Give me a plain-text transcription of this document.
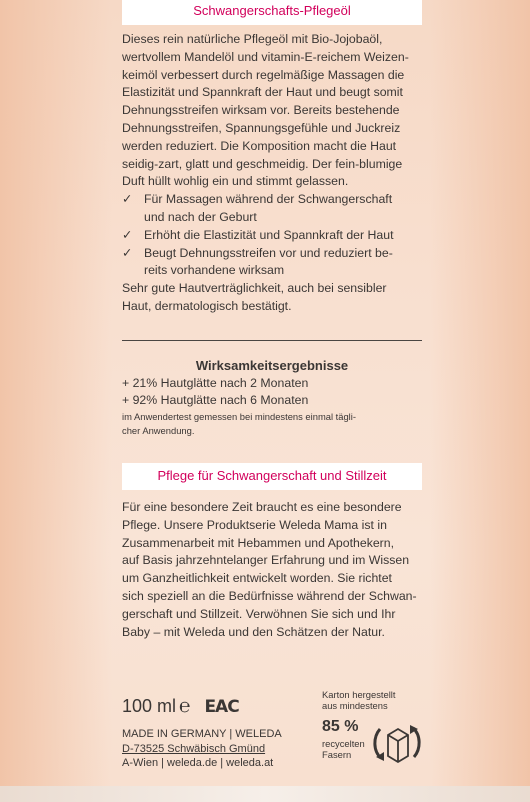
Schwangerschafts-Pflegeöl
Dieses rein natürliche Pflegeöl mit Bio-Jojobaöl,
wertvollem Mandelöl und vitamin-E-reichem Weizen-
keimöl verbessert durch regelmäßige Massagen die
Elastizität und Spannkraft der Haut und beugt somit
Dehnungsstreifen wirksam vor. Bereits bestehende
Dehnungsstreifen, Spannungsgefühle und Juckreiz
werden reduziert. Die Komposition macht die Haut
seidig-zart, glatt und geschmeidig. Der fein-blumige
Duft hüllt wohlig ein und stimmt gelassen.
✓ Für Massagen während der Schwangerschaft
und nach der Geburt
✓ Erhöht die Elastizität und Spannkraft der Haut
✓ Beugt Dehnungsstreifen vor und reduziert be-
reits vorhandene wirksam
Sehr gute Hautverträglichkeit, auch bei sensibler
Haut, dermatologisch bestätigt.
Wirksamkeitsergebnisse
+ 21% Hautglätte nach 2 Monaten
+ 92% Hautglätte nach 6 Monaten
im Anwendertest gemessen bei mindestens einmal tägli-
cher Anwendung.
Pflege für Schwangerschaft und Stillzeit
Für eine besondere Zeit braucht es eine besondere
Pflege. Unsere Produktserie Weleda Mama ist in
Zusammenarbeit mit Hebammen und Apothekern,
auf Basis jahrzehntelanger Erfahrung und im Wissen
um Ganzheitlichkeit entwickelt worden. Sie richtet
sich speziell an die Bedürfnisse während der Schwan-
gerschaft und Stillzeit. Verwöhnen Sie sich und Ihr
Baby – mit Weleda und den Schätzen der Natur.
100 ml ℮ EAC
Karton hergestellt
aus mindestens
85 %
recycelten
Fasern
MADE IN GERMANY | WELEDA
D-73525 Schwäbisch Gmünd
A-Wien | weleda.de | weleda.at
